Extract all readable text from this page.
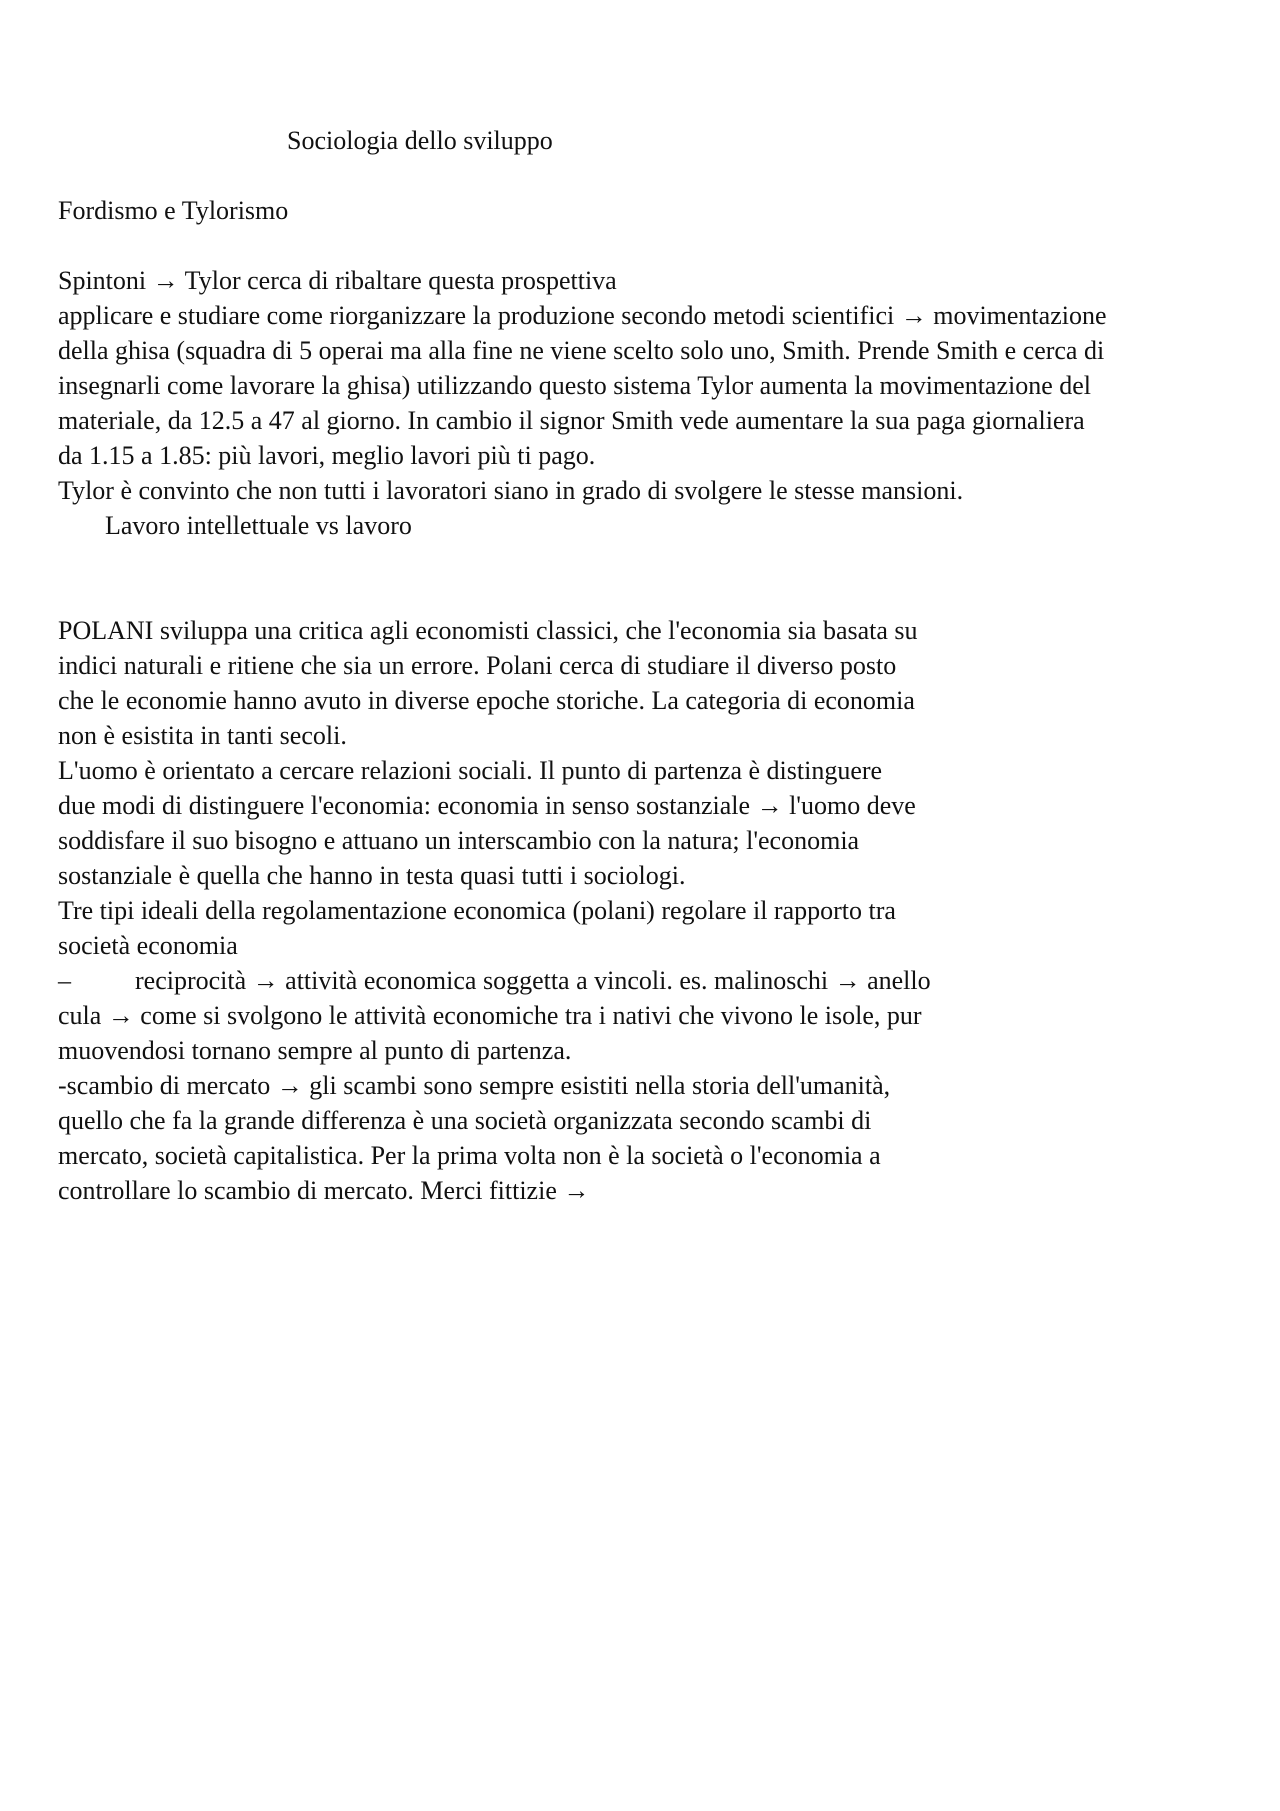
Sociologia dello sviluppo
Fordismo e Tylorismo
Spintoni → Tylor cerca di ribaltare questa prospettiva
applicare e studiare come riorganizzare la produzione secondo metodi scientifici → movimentazione
della ghisa (squadra di 5 operai ma alla fine ne viene scelto solo uno, Smith. Prende Smith e cerca di
insegnarli come lavorare la ghisa) utilizzando questo sistema Tylor aumenta la movimentazione del
materiale, da 12.5 a 47 al giorno. In cambio il signor Smith vede aumentare la sua paga giornaliera
da 1.15 a 1.85: più lavori, meglio lavori più ti pago.
Tylor è convinto che non tutti i lavoratori siano in grado di svolgere le stesse mansioni.
Lavoro intellettuale vs lavoro
POLANI sviluppa una critica agli economisti classici, che l'economia sia basata su
indici naturali e ritiene che sia un errore. Polani cerca di studiare il diverso posto
che le economie hanno avuto in diverse epoche storiche. La categoria di economia
non è esistita in tanti secoli.
L'uomo è orientato a cercare relazioni sociali. Il punto di partenza è distinguere
due modi di distinguere l'economia: economia in senso sostanziale → l'uomo deve
soddisfare il suo bisogno e attuano un interscambio con la natura; l'economia
sostanziale è quella che hanno in testa quasi tutti i sociologi.
Tre tipi ideali della regolamentazione economica (polani) regolare il rapporto tra
società economia
– reciprocità → attività economica soggetta a vincoli. es. malinoschi → anello
cula → come si svolgono le attività economiche tra i nativi che vivono le isole, pur
muovendosi tornano sempre al punto di partenza.
-scambio di mercato → gli scambi sono sempre esistiti nella storia dell'umanità,
quello che fa la grande differenza è una società organizzata secondo scambi di
mercato, società capitalistica. Per la prima volta non è la società o l'economia a
controllare lo scambio di mercato. Merci fittizie →
